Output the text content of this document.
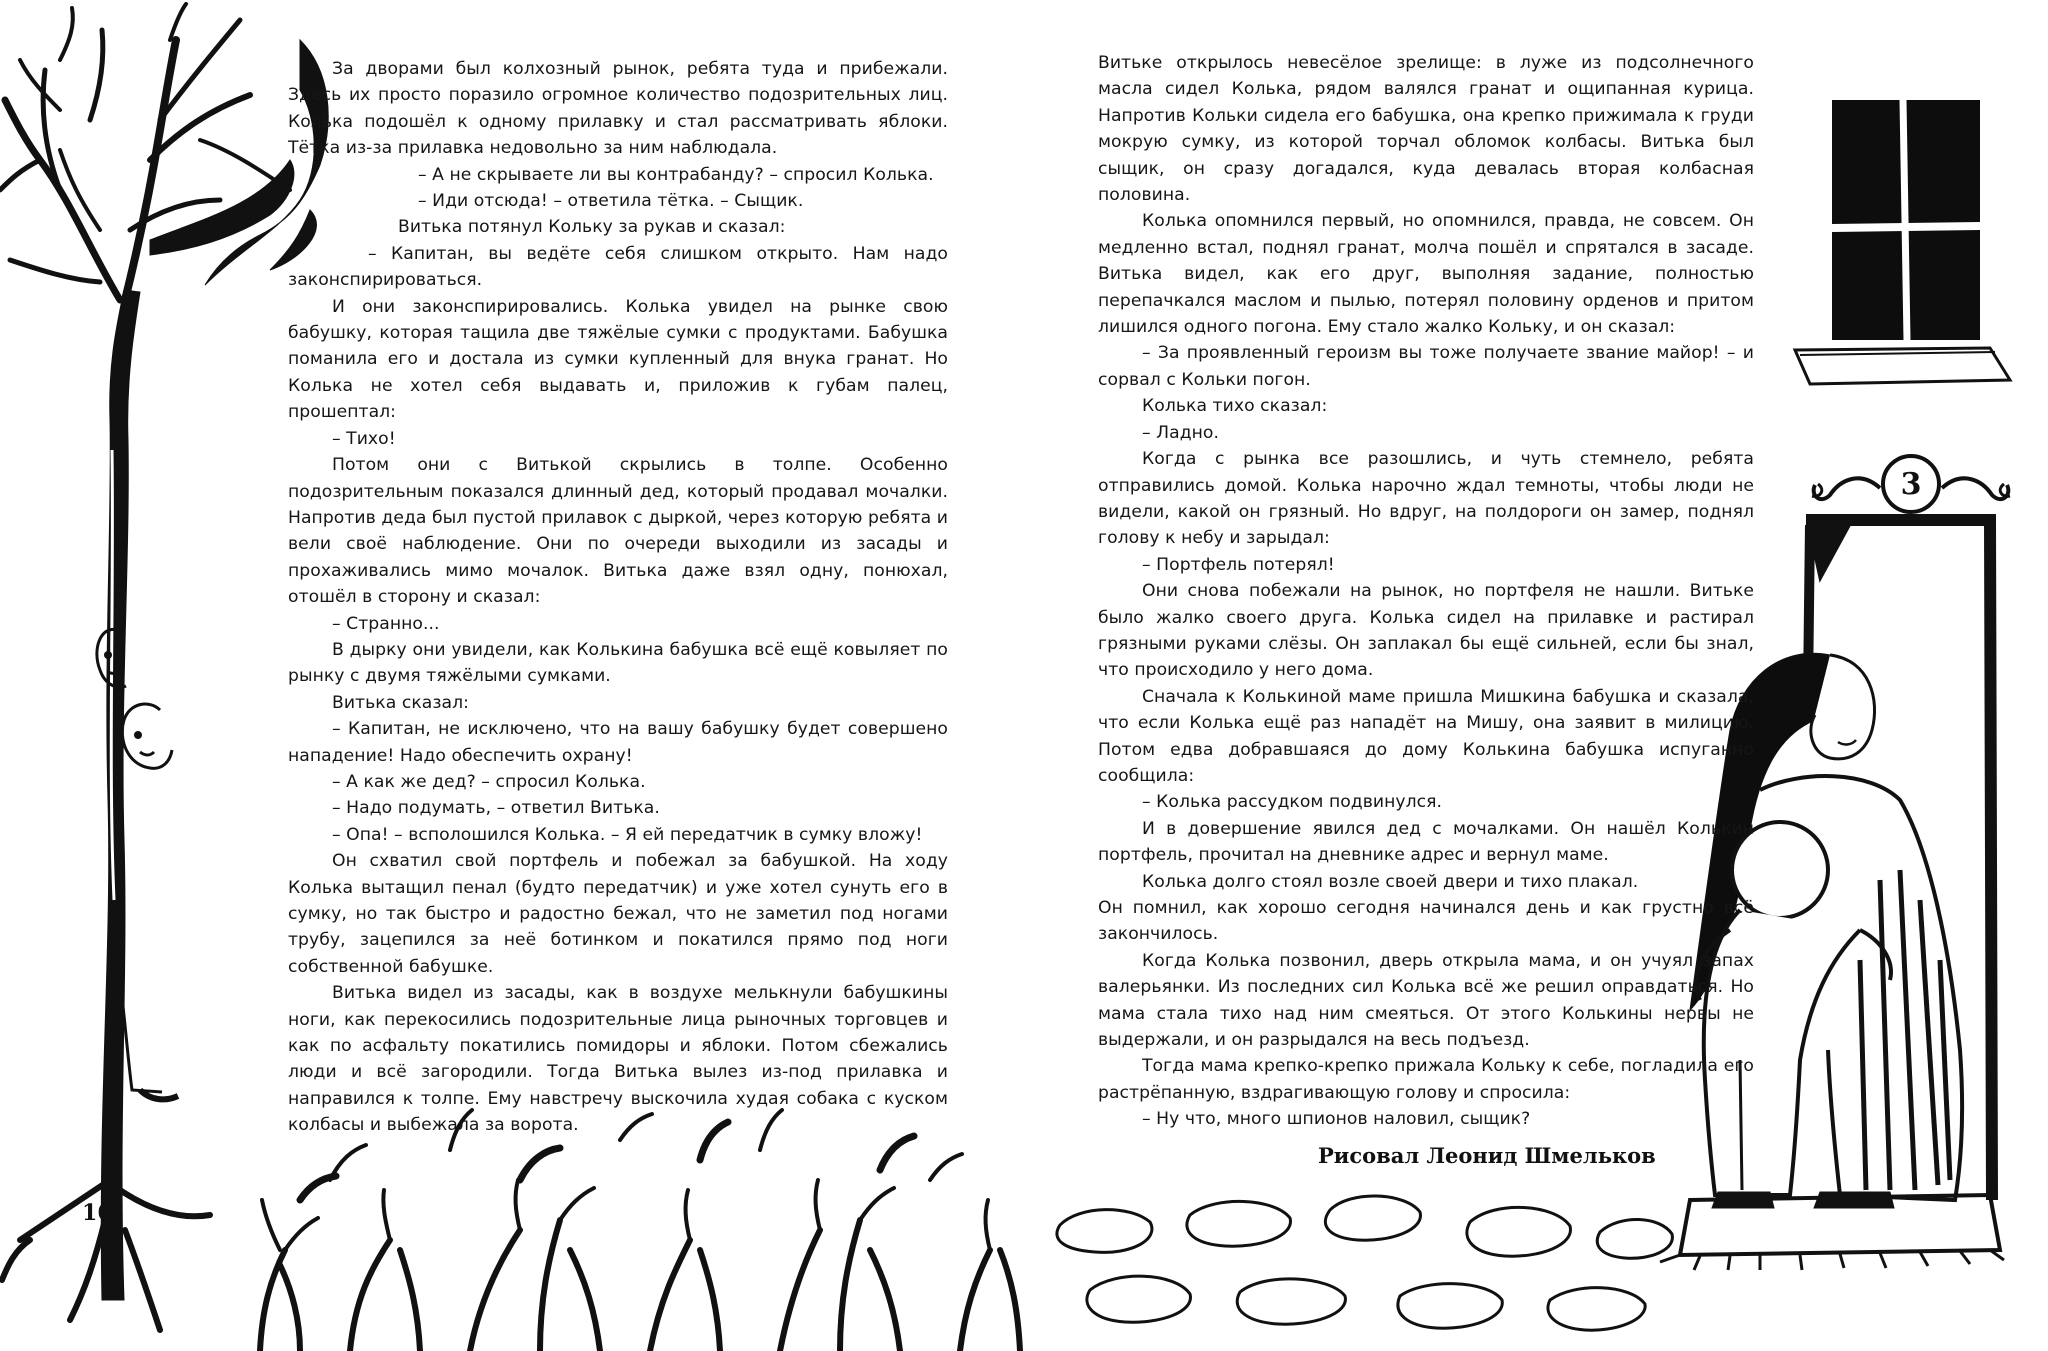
За дворами был колхозный рынок, ребята туда и прибежали. Здесь их просто поразило огромное количество подозрительных лиц. Колька подошёл к одному прилавку и стал рассматривать яблоки. Тётка из-за прилавка недовольно за ним наблюдала.

– А не скрываете ли вы контрабанду? – спросил Колька.

– Иди отсюда! – ответила тётка. – Сыщик.

Витька потянул Кольку за рукав и сказал:

– Капитан, вы ведёте себя слишком открыто. Нам надо законспирироваться.

И они законспирировались. Колька увидел на рынке свою бабушку, которая тащила две тяжёлые сумки с продуктами. Бабушка поманила его и достала из сумки купленный для внука гранат. Но Колька не хотел себя выдавать и, приложив к губам палец, прошептал:

– Тихо!

Потом они с Витькой скрылись в толпе. Особенно подозрительным показался длинный дед, который продавал мочалки. Напротив деда был пустой прилавок с дыркой, через которую ребята и вели своё наблюдение. Они по очереди выходили из засады и прохаживались мимо мочалок. Витька даже взял одну, понюхал, отошёл в сторону и сказал:

– Странно...

В дырку они увидели, как Колькина бабушка всё ещё ковыляет по рынку с двумя тяжёлыми сумками.

Витька сказал:

– Капитан, не исключено, что на вашу бабушку будет совершено нападение! Надо обеспечить охрану!

– А как же дед? – спросил Колька.

– Надо подумать, – ответил Витька.

– Опа! – всполошился Колька. – Я ей передатчик в сумку вложу!

Он схватил свой портфель и побежал за бабушкой. На ходу Колька вытащил пенал (будто передатчик) и уже хотел сунуть его в сумку, но так быстро и радостно бежал, что не заметил под ногами трубу, зацепился за неё ботинком и покатился прямо под ноги собственной бабушке.

Витька видел из засады, как в воздухе мелькнули бабушкины ноги, как перекосились подозрительные лица рыночных торговцев и как по асфальту покатились помидоры и яблоки. Потом сбежались люди и всё загородили. Тогда Витька вылез из-под прилавка и направился к толпе. Ему навстречу выскочила худая собака с куском колбасы и выбежала за ворота.

16

Витьке открылось невесёлое зрелище: в луже из подсолнечного масла сидел Колька, рядом валялся гранат и ощипанная курица. Напротив Кольки сидела его бабушка, она крепко прижимала к груди мокрую сумку, из которой торчал обломок колбасы. Витька был сыщик, он сразу догадался, куда девалась вторая колбасная половина.

Колька опомнился первый, но опомнился, правда, не совсем. Он медленно встал, поднял гранат, молча пошёл и спрятался в засаде. Витька видел, как его друг, выполняя задание, полностью перепачкался маслом и пылью, потерял половину орденов и притом лишился одного погона. Ему стало жалко Кольку, и он сказал:

– За проявленный героизм вы тоже получаете звание майор! – и сорвал с Кольки погон.

Колька тихо сказал:

– Ладно.

Когда с рынка все разошлись, и чуть стемнело, ребята отправились домой. Колька нарочно ждал темноты, чтобы люди не видели, какой он грязный. Но вдруг, на полдороги он замер, поднял голову к небу и зарыдал:

– Портфель потерял!

Они снова побежали на рынок, но портфеля не нашли. Витьке было жалко своего друга. Колька сидел на прилавке и растирал грязными руками слёзы. Он заплакал бы ещё сильней, если бы знал, что происходило у него дома.

Сначала к Колькиной маме пришла Мишкина бабушка и сказала, что если Колька ещё раз нападёт на Мишу, она заявит в милицию. Потом едва добравшаяся до дому Колькина бабушка испуганно сообщила:

– Колька рассудком подвинулся.

И в довершение явился дед с мочалками. Он нашёл Колькин портфель, прочитал на дневнике адрес и вернул маме.

Колька долго стоял возле своей двери и тихо плакал.

Он помнил, как хорошо сегодня начинался день и как грустно всё закончилось.

Когда Колька позвонил, дверь открыла мама, и он учуял запах валерьянки. Из последних сил Колька всё же решил оправдаться. Но мама стала тихо над ним смеяться. От этого Колькины нервы не выдержали, и он разрыдался на весь подъезд.

Тогда мама крепко-крепко прижала Кольку к себе, погладила его растрёпанную, вздрагивающую голову и спросила:

– Ну что, много шпионов наловил, сыщик?

3
Рисовал Леонид Шмельков
